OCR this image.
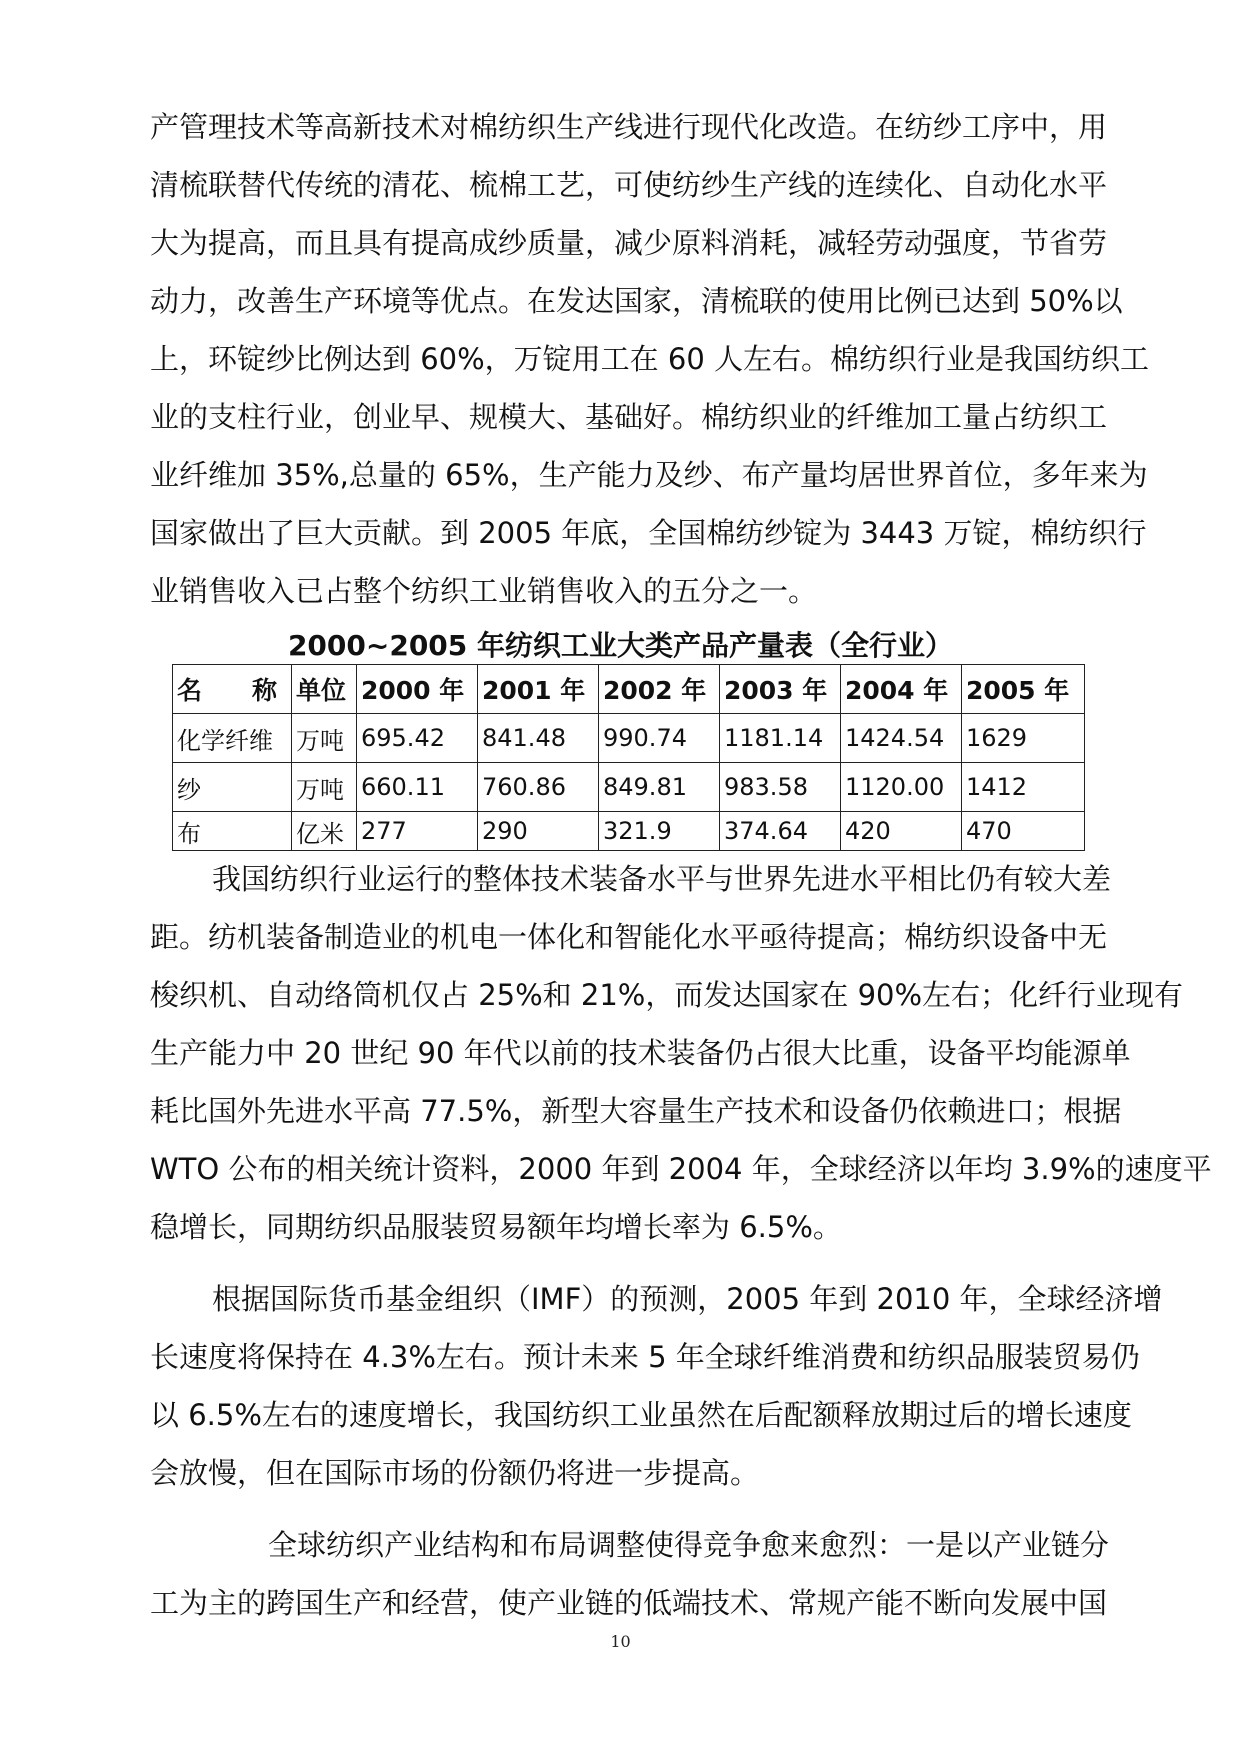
产管理技术等高新技术对棉纺织生产线进行现代化改造。在纺纱工序中，用
清梳联替代传统的清花、梳棉工艺，可使纺纱生产线的连续化、自动化水平
大为提高，而且具有提高成纱质量，减少原料消耗，减轻劳动强度，节省劳
动力，改善生产环境等优点。在发达国家，清梳联的使用比例已达到 50%以
上，环锭纱比例达到 60%，万锭用工在 60 人左右。棉纺织行业是我国纺织工
业的支柱行业，创业早、规模大、基础好。棉纺织业的纤维加工量占纺织工
业纤维加 35%,总量的 65%，生产能力及纱、布产量均居世界首位，多年来为
国家做出了巨大贡献。到 2005 年底，全国棉纺纱锭为 3443 万锭，棉纺织行
业销售收入已占整个纺织工业销售收入的五分之一。
2000~2005 年纺织工业大类产品产量表（全行业）
名　　称	单位	2000 年	2001 年	2002 年	2003 年	2004 年	2005 年
化学纤维	万吨	695.42	841.48	990.74	1181.14	1424.54	1629
纱	万吨	660.11	760.86	849.81	983.58	1120.00	1412
布	亿米	277	290	321.9	374.64	420	470
我国纺织行业运行的整体技术装备水平与世界先进水平相比仍有较大差
距。纺机装备制造业的机电一体化和智能化水平亟待提高；棉纺织设备中无
梭织机、自动络筒机仅占 25%和 21%，而发达国家在 90%左右；化纤行业现有
生产能力中 20 世纪 90 年代以前的技术装备仍占很大比重，设备平均能源单
耗比国外先进水平高 77.5%，新型大容量生产技术和设备仍依赖进口；根据
WTO 公布的相关统计资料，2000 年到 2004 年，全球经济以年均 3.9%的速度平
稳增长，同期纺织品服装贸易额年均增长率为 6.5%。
根据国际货币基金组织（IMF）的预测，2005 年到 2010 年，全球经济增
长速度将保持在 4.3%左右。预计未来 5 年全球纤维消费和纺织品服装贸易仍
以 6.5%左右的速度增长，我国纺织工业虽然在后配额释放期过后的增长速度
会放慢，但在国际市场的份额仍将进一步提高。
全球纺织产业结构和布局调整使得竞争愈来愈烈：一是以产业链分
工为主的跨国生产和经营，使产业链的低端技术、常规产能不断向发展中国
10
